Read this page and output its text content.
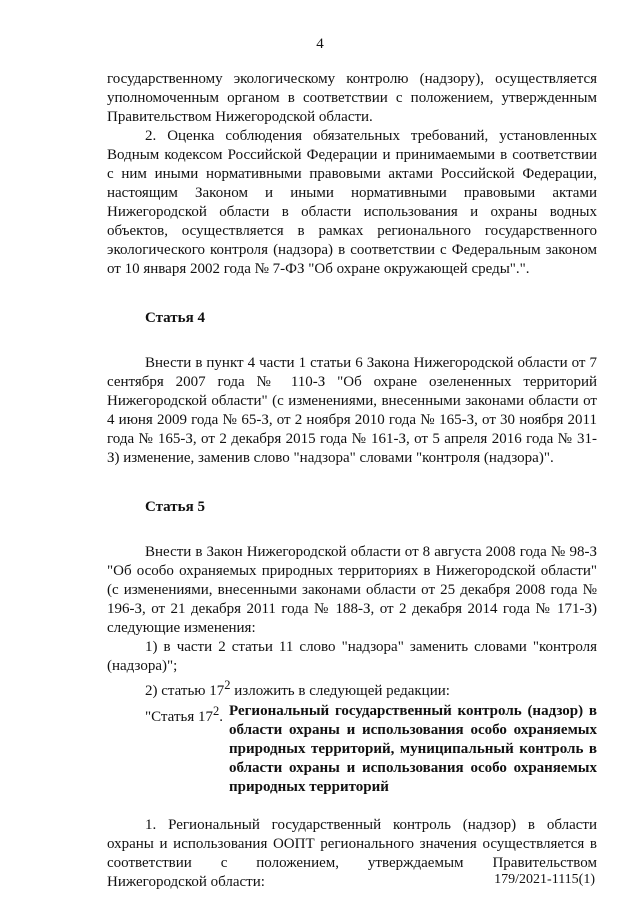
4

государственному экологическому контролю (надзору), осуществляется уполномоченным органом в соответствии с положением, утвержденным Правительством Нижегородской области.

2. Оценка соблюдения обязательных требований, установленных Водным кодексом Российской Федерации и принимаемыми в соответствии с ним иными нормативными правовыми актами Российской Федерации, настоящим Законом и иными нормативными правовыми актами Нижегородской области в области использования и охраны водных объектов, осуществляется в рамках регионального государственного экологического контроля (надзора) в соответствии с Федеральным законом от 10 января 2002 года № 7-ФЗ "Об охране окружающей среды".".

Статья 4

Внести в пункт 4 части 1 статьи 6 Закона Нижегородской области от 7 сентября 2007 года № 110-З "Об охране озелененных территорий Нижегородской области" (с изменениями, внесенными законами области от 4 июня 2009 года № 65-З, от 2 ноября 2010 года № 165-З, от 30 ноября 2011 года № 165-З, от 2 декабря 2015 года № 161-З, от 5 апреля 2016 года № 31-З) изменение, заменив слово "надзора" словами "контроля (надзора)".

Статья 5

Внести в Закон Нижегородской области от 8 августа 2008 года № 98-З "Об особо охраняемых природных территориях в Нижегородской области" (с изменениями, внесенными законами области от 25 декабря 2008 года № 196-З, от 21 декабря 2011 года № 188-З, от 2 декабря 2014 года № 171-З) следующие изменения:

1) в части 2 статьи 11 слово "надзора" заменить словами "контроля (надзора)";

2) статью $17^2$ изложить в следующей редакции:

"Статья $17^2$. Региональный государственный контроль (надзор) в области охраны и использования особо охраняемых природных территорий, муниципальный контроль в области охраны и использования особо охраняемых природных территорий

1. Региональный государственный контроль (надзор) в области охраны и использования ООПТ регионального значения осуществляется в соответствии с положением, утверждаемым Правительством Нижегородской области:	179/2021-1115(1)
